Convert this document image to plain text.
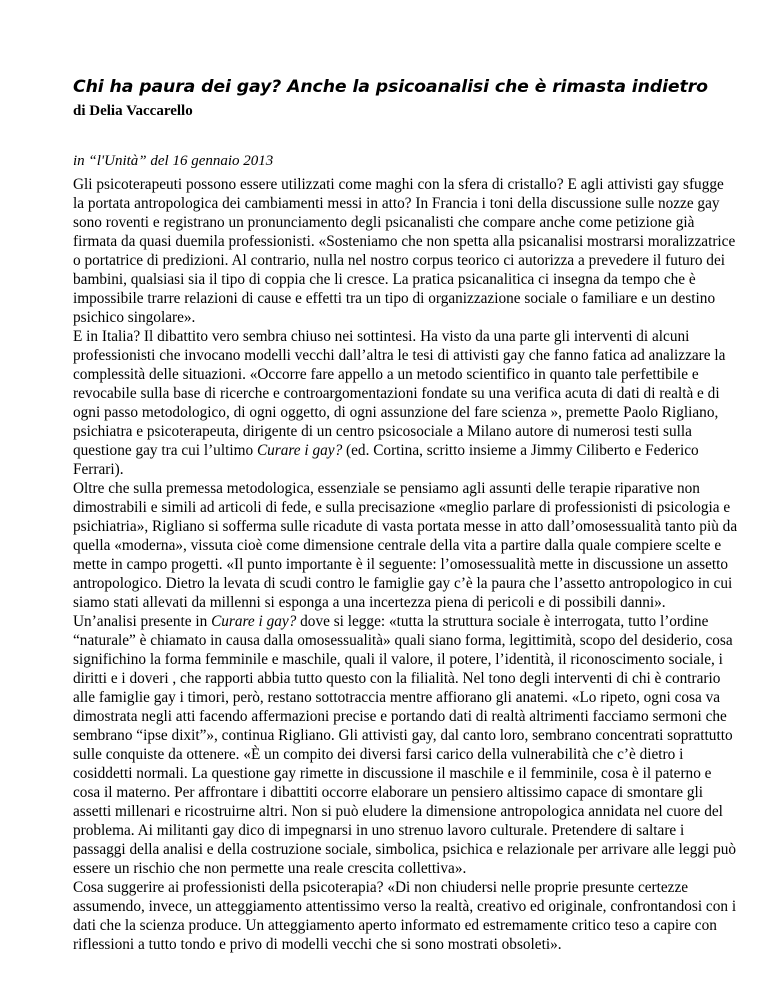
Chi ha paura dei gay? Anche la psicoanalisi che è rimasta indietro
di Delia Vaccarello
in “l'Unità” del 16 gennaio 2013

Gli psicoterapeuti possono essere utilizzati come maghi con la sfera di cristallo? E agli attivisti gay sfugge la portata antropologica dei cambiamenti messi in atto? In Francia i toni della discussione sulle nozze gay sono roventi e registrano un pronunciamento degli psicanalisti che compare anche come petizione già firmata da quasi duemila professionisti. «Sosteniamo che non spetta alla psicanalisi mostrarsi moralizzatrice o portatrice di predizioni. Al contrario, nulla nel nostro corpus teorico ci autorizza a prevedere il futuro dei bambini, qualsiasi sia il tipo di coppia che li cresce. La pratica psicanalitica ci insegna da tempo che è impossibile trarre relazioni di cause e effetti tra un tipo di organizzazione sociale o familiare e un destino psichico singolare».

E in Italia? Il dibattito vero sembra chiuso nei sottintesi. Ha visto da una parte gli interventi di alcuni professionisti che invocano modelli vecchi dall’altra le tesi di attivisti gay che fanno fatica ad analizzare la complessità delle situazioni. «Occorre fare appello a un metodo scientifico in quanto tale perfettibile e revocabile sulla base di ricerche e controargomentazioni fondate su una verifica acuta di dati di realtà e di ogni passo metodologico, di ogni oggetto, di ogni assunzione del fare scienza », premette Paolo Rigliano, psichiatra e psicoterapeuta, dirigente di un centro psicosociale a Milano autore di numerosi testi sulla questione gay tra cui l’ultimo Curare i gay? (ed. Cortina, scritto insieme a Jimmy Ciliberto e Federico Ferrari).

Oltre che sulla premessa metodologica, essenziale se pensiamo agli assunti delle terapie riparative non dimostrabili e simili ad articoli di fede, e sulla precisazione «meglio parlare di professionisti di psicologia e psichiatria», Rigliano si sofferma sulle ricadute di vasta portata messe in atto dall’omosessualità tanto più da quella «moderna», vissuta cioè come dimensione centrale della vita a partire dalla quale compiere scelte e mette in campo progetti. «Il punto importante è il seguente: l’omosessualità mette in discussione un assetto antropologico. Dietro la levata di scudi contro le famiglie gay c’è la paura che l’assetto antropologico in cui siamo stati allevati da millenni si esponga a una incertezza piena di pericoli e di possibili danni».

Un’analisi presente in Curare i gay? dove si legge: «tutta la struttura sociale è interrogata, tutto l’ordine “naturale” è chiamato in causa dalla omosessualità» quali siano forma, legittimità, scopo del desiderio, cosa significhino la forma femminile e maschile, quali il valore, il potere, l’identità, il riconoscimento sociale, i diritti e i doveri , che rapporti abbia tutto questo con la filialità. Nel tono degli interventi di chi è contrario alle famiglie gay i timori, però, restano sottotraccia mentre affiorano gli anatemi. «Lo ripeto, ogni cosa va dimostrata negli atti facendo affermazioni precise e portando dati di realtà altrimenti facciamo sermoni che sembrano “ipse dixit”», continua Rigliano. Gli attivisti gay, dal canto loro, sembrano concentrati soprattutto sulle conquiste da ottenere. «È un compito dei diversi farsi carico della vulnerabilità che c’è dietro i cosiddetti normali. La questione gay rimette in discussione il maschile e il femminile, cosa è il paterno e cosa il materno. Per affrontare i dibattiti occorre elaborare un pensiero altissimo capace di smontare gli assetti millenari e ricostruirne altri. Non si può eludere la dimensione antropologica annidata nel cuore del problema. Ai militanti gay dico di impegnarsi in uno strenuo lavoro culturale. Pretendere di saltare i passaggi della analisi e della costruzione sociale, simbolica, psichica e relazionale per arrivare alle leggi può essere un rischio che non permette una reale crescita collettiva».

Cosa suggerire ai professionisti della psicoterapia? «Di non chiudersi nelle proprie presunte certezze assumendo, invece, un atteggiamento attentissimo verso la realtà, creativo ed originale, confrontandosi con i dati che la scienza produce. Un atteggiamento aperto informato ed estremamente critico teso a capire con riflessioni a tutto tondo e privo di modelli vecchi che si sono mostrati obsoleti».
